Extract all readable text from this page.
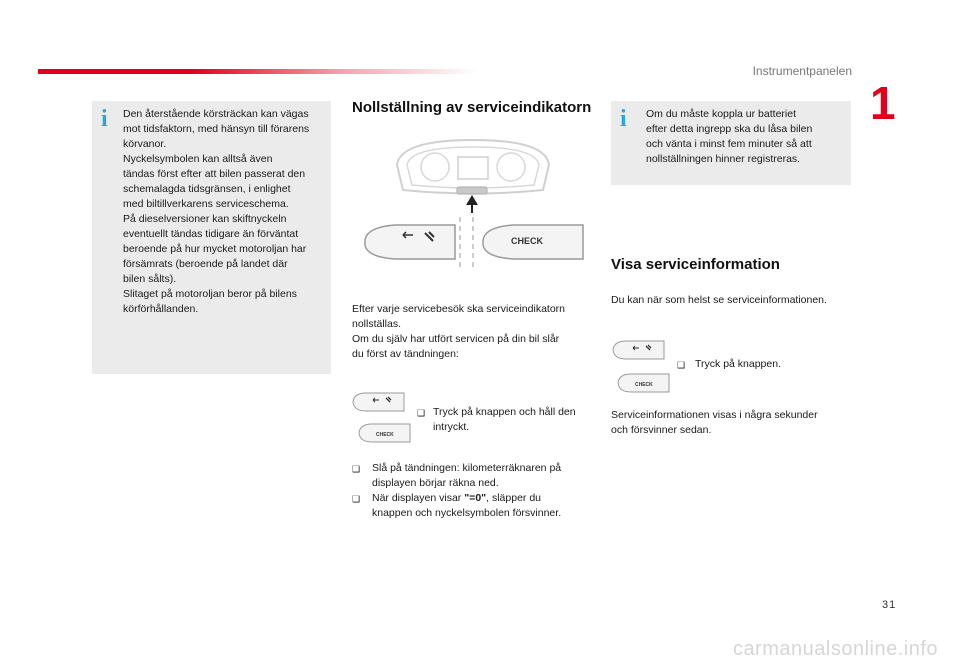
Instrumentpanelen
1
i Den återstående körsträckan kan vägas
mot tidsfaktorn, med hänsyn till förarens
körvanor.
Nyckelsymbolen kan alltså även
tändas först efter att bilen passerat den
schemalagda tidsgränsen, i enlighet
med biltillverkarens serviceschema.
På dieselversioner kan skiftnyckeln
eventuellt tändas tidigare än förväntat
beroende på hur mycket motoroljan har
försämrats (beroende på landet där
bilen sålts).
Slitaget på motoroljan beror på bilens
körförhållanden.
Nollställning av serviceindikatorn
CHECK
Efter varje servicebesök ska serviceindikatorn
nollställas.
Om du själv har utfört servicen på din bil slår
du först av tändningen:
CHECK
❑ Tryck på knappen och håll den
intryckt.
❑ Slå på tändningen: kilometerräknaren på
displayen börjar räkna ned.
❑ När displayen visar "=0", släpper du
knappen och nyckelsymbolen försvinner.
i Om du måste koppla ur batteriet
efter detta ingrepp ska du låsa bilen
och vänta i minst fem minuter så att
nollställningen hinner registreras.
Visa serviceinformation
Du kan när som helst se serviceinformationen.
CHECK
❑ Tryck på knappen.
Serviceinformationen visas i några sekunder
och försvinner sedan.
31
carmanualsonline.info
